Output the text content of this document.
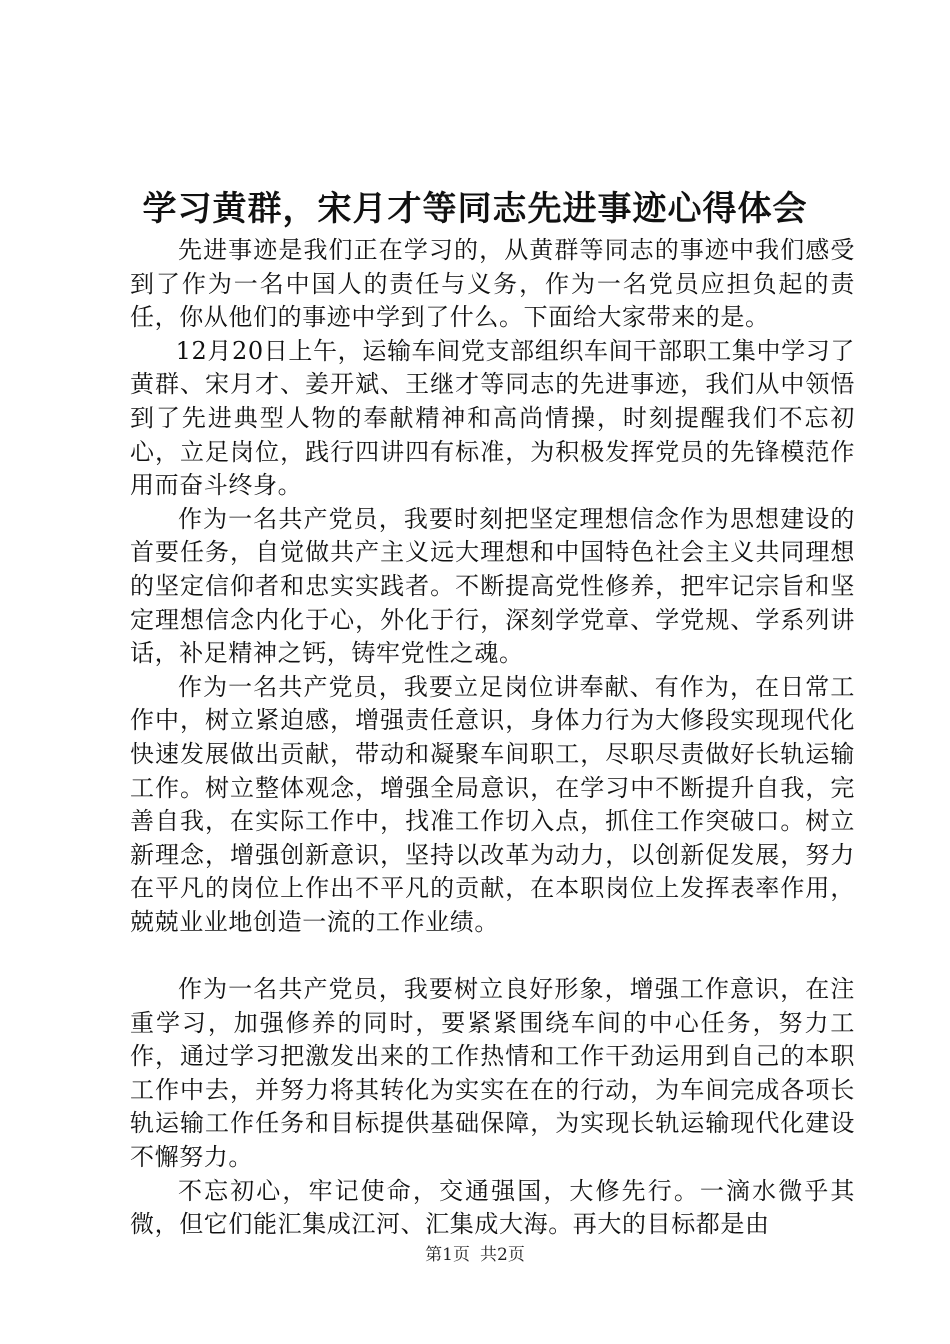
学习黄群，宋月才等同志先进事迹心得体会

先进事迹是我们正在学习的，从黄群等同志的事迹中我们感受到了作为一名中国人的责任与义务，作为一名党员应担负起的责任，你从他们的事迹中学到了什么。下面给大家带来的是。

12月20日上午，运输车间党支部组织车间干部职工集中学习了黄群、宋月才、姜开斌、王继才等同志的先进事迹，我们从中领悟到了先进典型人物的奉献精神和高尚情操，时刻提醒我们不忘初心，立足岗位，践行四讲四有标准，为积极发挥党员的先锋模范作用而奋斗终身。

作为一名共产党员，我要时刻把坚定理想信念作为思想建设的首要任务，自觉做共产主义远大理想和中国特色社会主义共同理想的坚定信仰者和忠实实践者。不断提高党性修养，把牢记宗旨和坚定理想信念内化于心，外化于行，深刻学党章、学党规、学系列讲话，补足精神之钙，铸牢党性之魂。

作为一名共产党员，我要立足岗位讲奉献、有作为，在日常工作中，树立紧迫感，增强责任意识，身体力行为大修段实现现代化快速发展做出贡献，带动和凝聚车间职工，尽职尽责做好长轨运输工作。树立整体观念，增强全局意识，在学习中不断提升自我，完善自我，在实际工作中，找准工作切入点，抓住工作突破口。树立新理念，增强创新意识，坚持以改革为动力，以创新促发展，努力在平凡的岗位上作出不平凡的贡献，在本职岗位上发挥表率作用，兢兢业业地创造一流的工作业绩。

作为一名共产党员，我要树立良好形象，增强工作意识，在注重学习，加强修养的同时，要紧紧围绕车间的中心任务，努力工作，通过学习把激发出来的工作热情和工作干劲运用到自己的本职工作中去，并努力将其转化为实实在在的行动，为车间完成各项长轨运输工作任务和目标提供基础保障，为实现长轨运输现代化建设不懈努力。

不忘初心，牢记使命，交通强国，大修先行。一滴水微乎其微，但它们能汇集成江河、汇集成大海。再大的目标都是由

第1页 共2页
